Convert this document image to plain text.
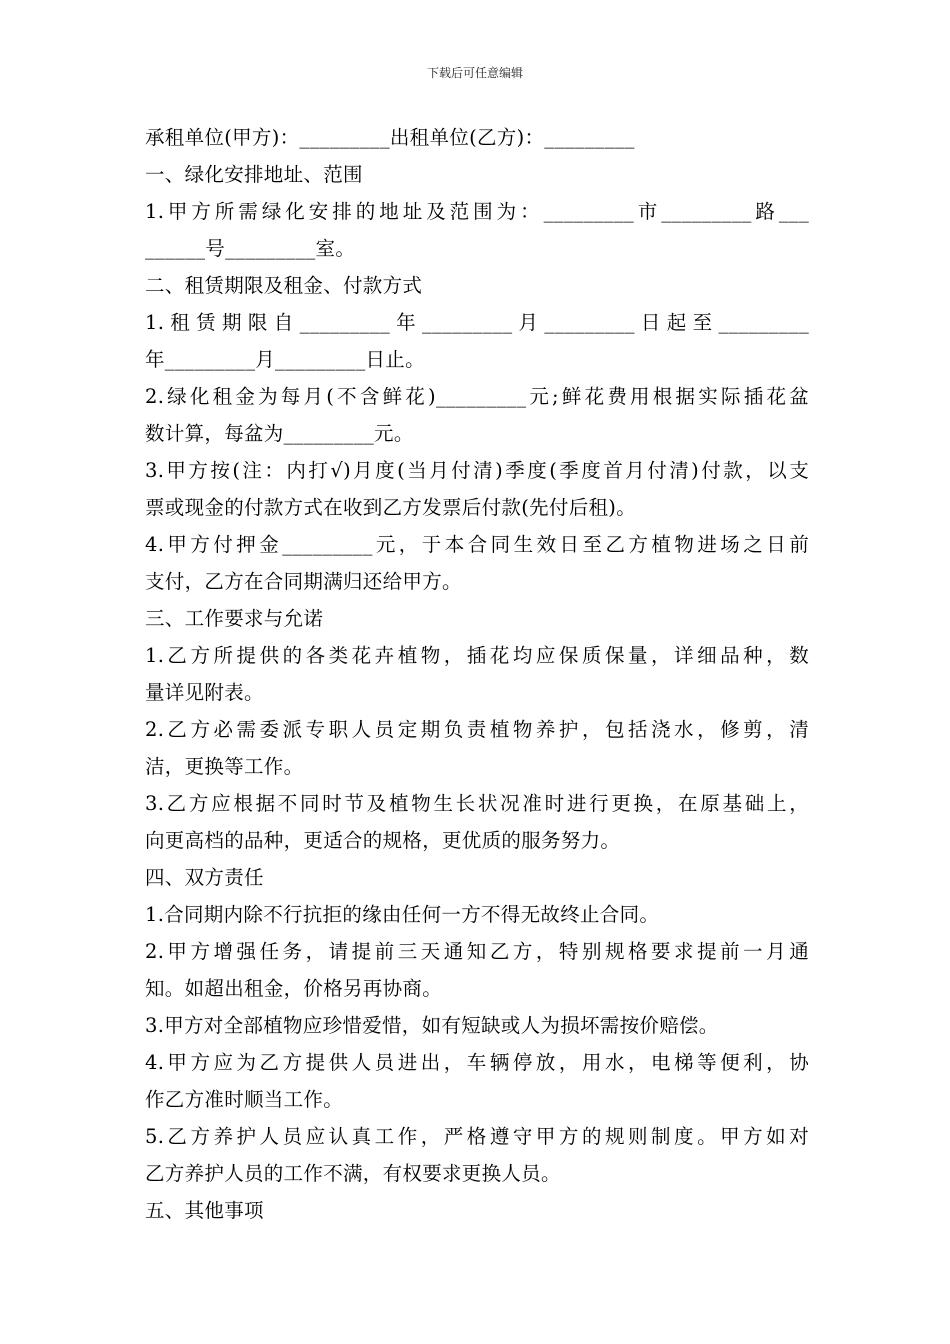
下载后可任意编辑
承租单位(甲方)：_________出租单位(乙方)：_________
一、绿化安排地址、范围
1.甲方所需绿化安排的地址及范围为：_________市_________路___
______号_________室。
二、租赁期限及租金、付款方式
1.租赁期限自_________年_________月_________日起至_________
年_________月_________日止。
2.绿化租金为每月(不含鲜花)_________元;鲜花费用根据实际插花盆
数计算，每盆为_________元。
3.甲方按(注：内打√)月度(当月付清)季度(季度首月付清)付款，以支
票或现金的付款方式在收到乙方发票后付款(先付后租)。
4.甲方付押金_________元，于本合同生效日至乙方植物进场之日前
支付，乙方在合同期满归还给甲方。
三、工作要求与允诺
1.乙方所提供的各类花卉植物，插花均应保质保量，详细品种，数
量详见附表。
2.乙方必需委派专职人员定期负责植物养护，包括浇水，修剪，清
洁，更换等工作。
3.乙方应根据不同时节及植物生长状况准时进行更换，在原基础上，
向更高档的品种，更适合的规格，更优质的服务努力。
四、双方责任
1.合同期内除不行抗拒的缘由任何一方不得无故终止合同。
2.甲方增强任务，请提前三天通知乙方，特别规格要求提前一月通
知。如超出租金，价格另再协商。
3.甲方对全部植物应珍惜爱惜，如有短缺或人为损坏需按价赔偿。
4.甲方应为乙方提供人员进出，车辆停放，用水，电梯等便利，协
作乙方准时顺当工作。
5.乙方养护人员应认真工作，严格遵守甲方的规则制度。甲方如对
乙方养护人员的工作不满，有权要求更换人员。
五、其他事项
